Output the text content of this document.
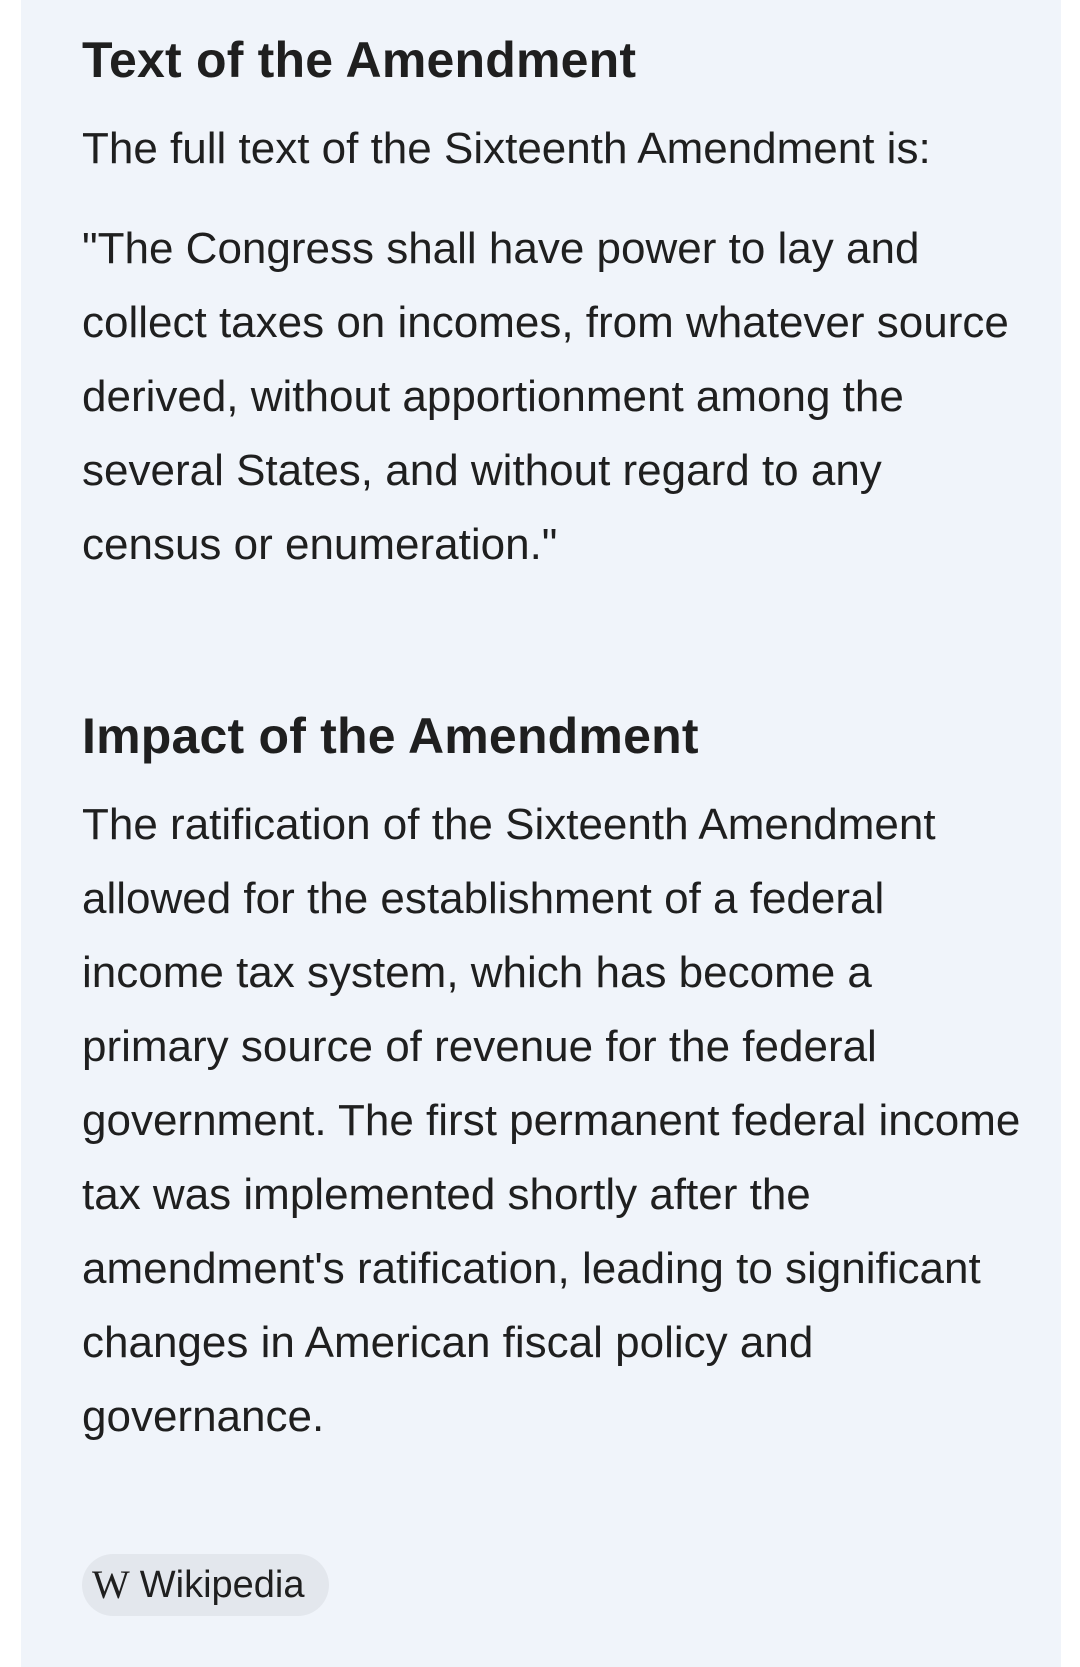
Text of the Amendment

The full text of the Sixteenth Amendment is:

"The Congress shall have power to lay and collect taxes on incomes, from whatever source derived, without apportionment among the several States, and without regard to any census or enumeration."

Impact of the Amendment

The ratification of the Sixteenth Amendment allowed for the establishment of a federal income tax system, which has become a primary source of revenue for the federal government. The first permanent federal income tax was implemented shortly after the amendment's ratification, leading to significant changes in American fiscal policy and governance.

W Wikipedia
